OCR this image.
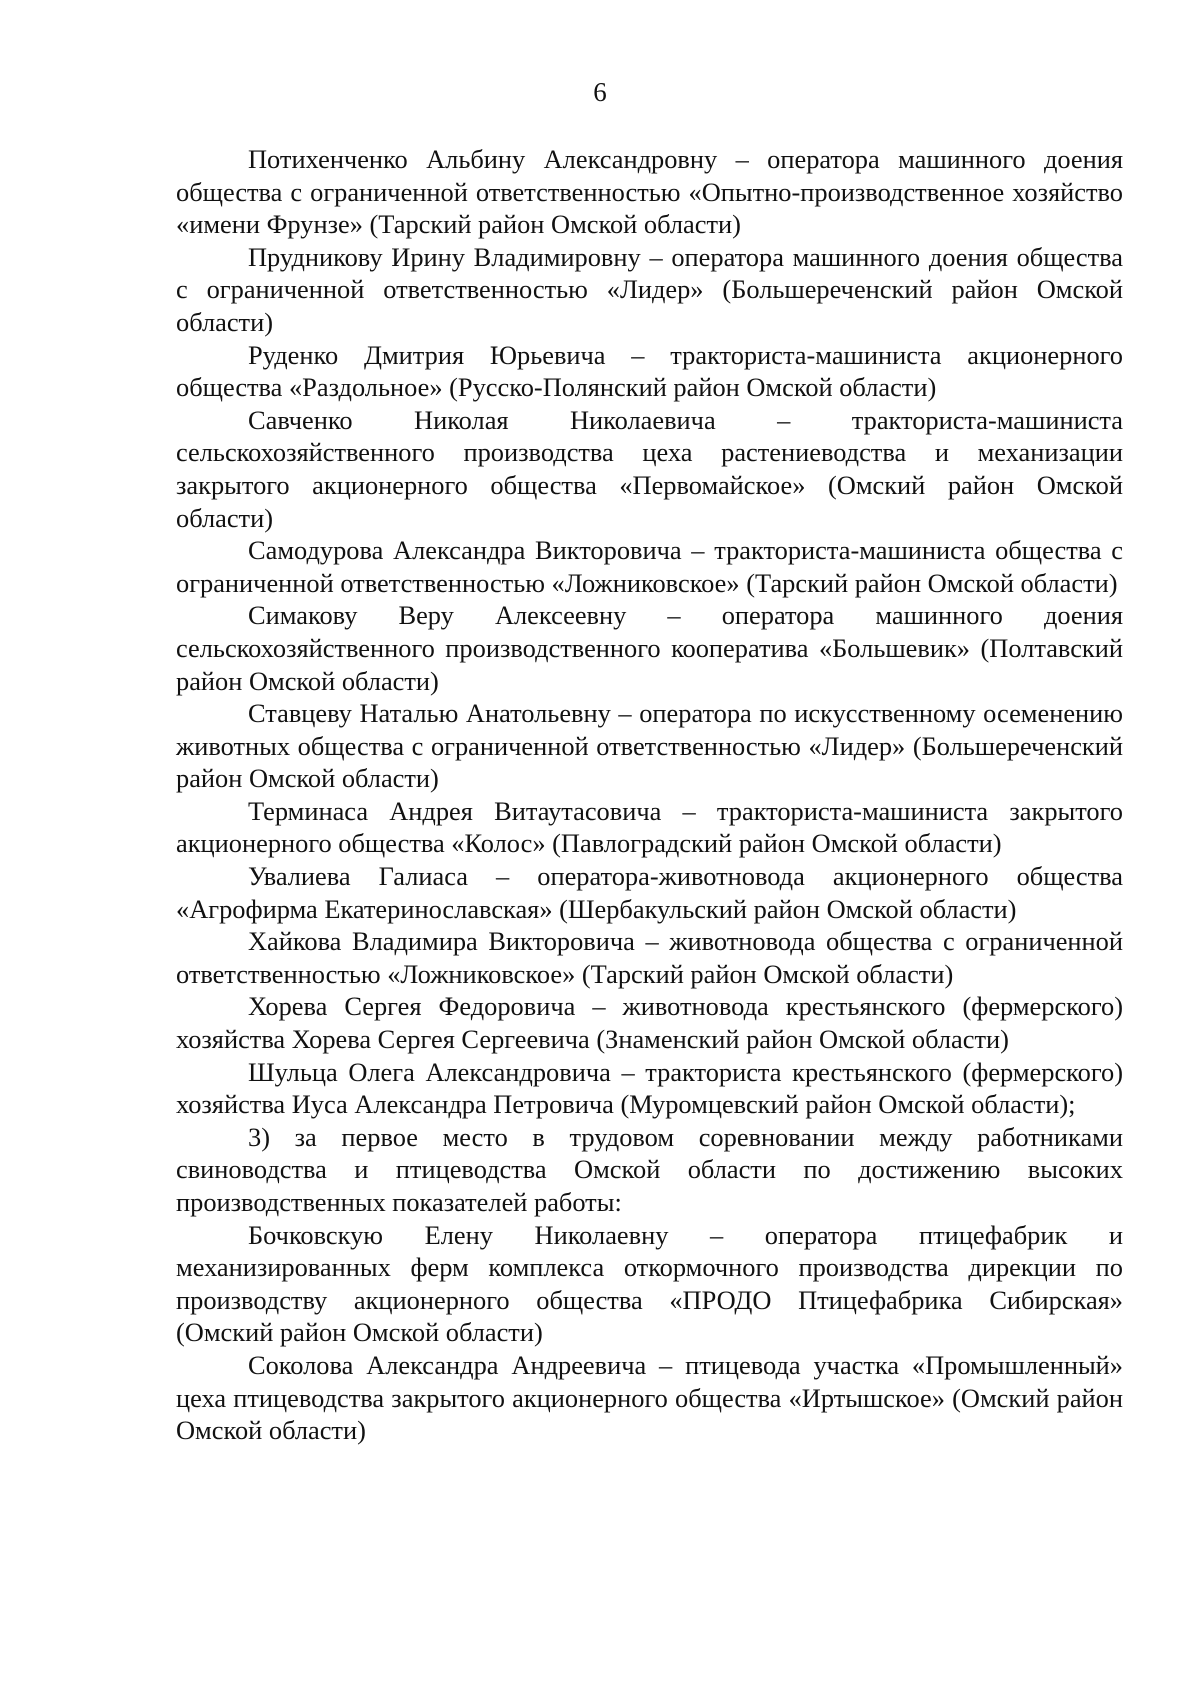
6

Потихенченко Альбину Александровну – оператора машинного доения общества с ограниченной ответственностью «Опытно-производственное хозяйство «имени Фрунзе» (Тарский район Омской области)

Прудникову Ирину Владимировну – оператора машинного доения общества с ограниченной ответственностью «Лидер» (Большереченский район Омской области)

Руденко Дмитрия Юрьевича – тракториста-машиниста акционерного общества «Раздольное» (Русско-Полянский район Омской области)

Савченко Николая Николаевича – тракториста-машиниста сельскохозяйственного производства цеха растениеводства и механизации закрытого акционерного общества «Первомайское» (Омский район Омской области)

Самодурова Александра Викторовича – тракториста-машиниста общества с ограниченной ответственностью «Ложниковское» (Тарский район Омской области)

Симакову Веру Алексеевну – оператора машинного доения сельскохозяйственного производственного кооператива «Большевик» (Полтавский район Омской области)

Ставцеву Наталью Анатольевну – оператора по искусственному осеменению животных общества с ограниченной ответственностью «Лидер» (Большереченский район Омской области)

Терминаса Андрея Витаутасовича – тракториста-машиниста закрытого акционерного общества «Колос» (Павлоградский район Омской области)

Увалиева Галиаса – оператора-животновода акционерного общества «Агрофирма Екатеринославская» (Шербакульский район Омской области)

Хайкова Владимира Викторовича – животновода общества с ограниченной ответственностью «Ложниковское» (Тарский район Омской области)

Хорева Сергея Федоровича – животновода крестьянского (фермерского) хозяйства Хорева Сергея Сергеевича (Знаменский район Омской области)

Шульца Олега Александровича – тракториста крестьянского (фермерского) хозяйства Иуса Александра Петровича (Муромцевский район Омской области);

3) за первое место в трудовом соревновании между работниками свиноводства и птицеводства Омской области по достижению высоких производственных показателей работы:

Бочковскую Елену Николаевну – оператора птицефабрик и механизированных ферм комплекса откормочного производства дирекции по производству акционерного общества «ПРОДО Птицефабрика Сибирская» (Омский район Омской области)

Соколова Александра Андреевича – птицевода участка «Промышленный» цеха птицеводства закрытого акционерного общества «Иртышское» (Омский район Омской области)
